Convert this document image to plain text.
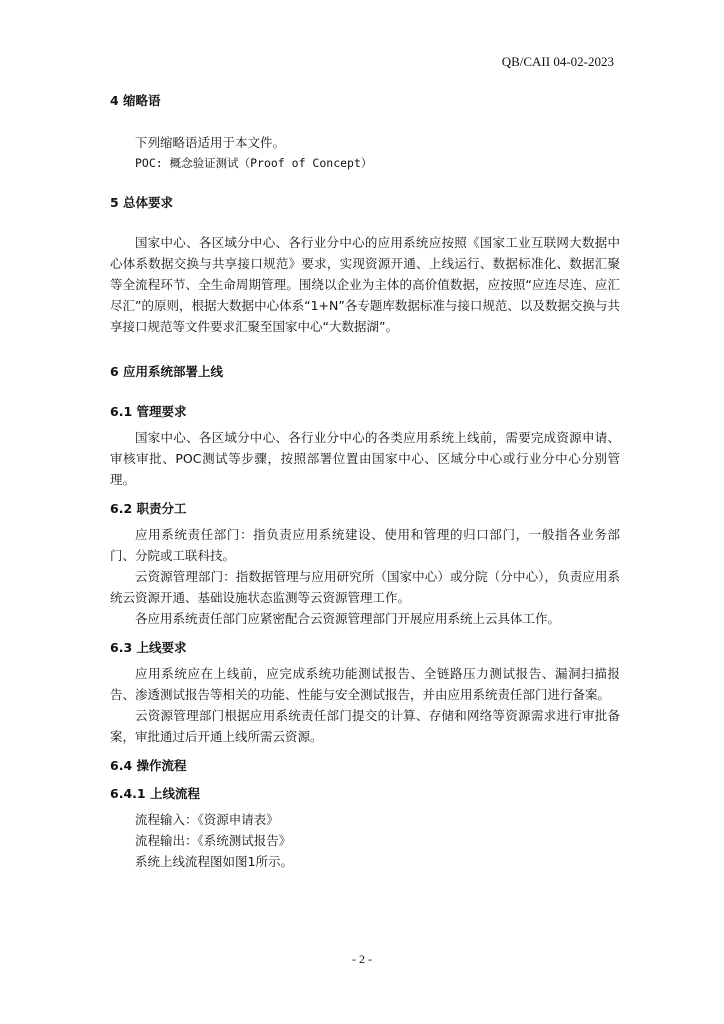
QB/CAII 04-02-2023

4 缩略语

下列缩略语适用于本文件。

POC: 概念验证测试（Proof of Concept）

5 总体要求

国家中心、各区域分中心、各行业分中心的应用系统应按照《国家工业互联网大数据中心体系数据交换与共享接口规范》要求，实现资源开通、上线运行、数据标准化、数据汇聚等全流程环节、全生命周期管理。围绕以企业为主体的高价值数据，应按照“应连尽连、应汇尽汇”的原则，根据大数据中心体系“1+N”各专题库数据标准与接口规范、以及数据交换与共享接口规范等文件要求汇聚至国家中心“大数据湖”。

6 应用系统部署上线

6.1 管理要求

国家中心、各区域分中心、各行业分中心的各类应用系统上线前，需要完成资源申请、审核审批、POC测试等步骤，按照部署位置由国家中心、区域分中心或行业分中心分别管理。

6.2 职责分工

应用系统责任部门：指负责应用系统建设、使用和管理的归口部门，一般指各业务部门、分院或工联科技。

云资源管理部门：指数据管理与应用研究所（国家中心）或分院（分中心），负责应用系统云资源开通、基础设施状态监测等云资源管理工作。

各应用系统责任部门应紧密配合云资源管理部门开展应用系统上云具体工作。

6.3 上线要求

应用系统应在上线前，应完成系统功能测试报告、全链路压力测试报告、漏洞扫描报告、渗透测试报告等相关的功能、性能与安全测试报告，并由应用系统责任部门进行备案。

云资源管理部门根据应用系统责任部门提交的计算、存储和网络等资源需求进行审批备案，审批通过后开通上线所需云资源。

6.4 操作流程

6.4.1 上线流程

流程输入：《资源申请表》

流程输出：《系统测试报告》

系统上线流程图如图1所示。

- 2 -
